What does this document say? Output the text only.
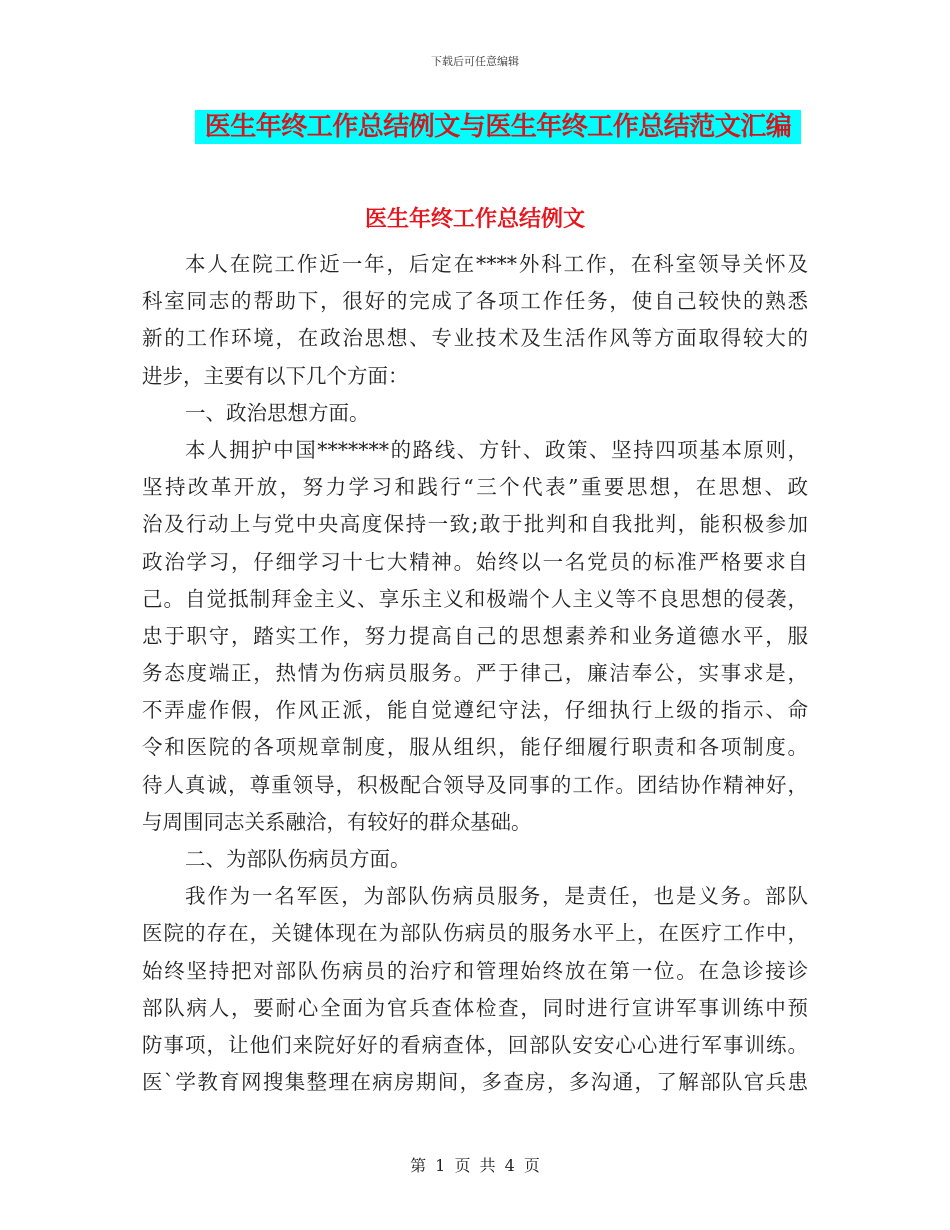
下载后可任意编辑
医生年终工作总结例文与医生年终工作总结范文汇编
医生年终工作总结例文
本人在院工作近一年，后定在****外科工作，在科室领导关怀及
科室同志的帮助下，很好的完成了各项工作任务，使自己较快的熟悉
新的工作环境，在政治思想、专业技术及生活作风等方面取得较大的
进步，主要有以下几个方面：
一、政治思想方面。
本人拥护中国*******的路线、方针、政策、坚持四项基本原则，
坚持改革开放，努力学习和践行“三个代表”重要思想，在思想、政
治及行动上与党中央高度保持一致;敢于批判和自我批判，能积极参加
政治学习，仔细学习十七大精神。始终以一名党员的标准严格要求自
己。自觉抵制拜金主义、享乐主义和极端个人主义等不良思想的侵袭，
忠于职守，踏实工作，努力提高自己的思想素养和业务道德水平，服
务态度端正，热情为伤病员服务。严于律己，廉洁奉公，实事求是，
不弄虚作假，作风正派，能自觉遵纪守法，仔细执行上级的指示、命
令和医院的各项规章制度，服从组织，能仔细履行职责和各项制度。
待人真诚，尊重领导，积极配合领导及同事的工作。团结协作精神好，
与周围同志关系融洽，有较好的群众基础。
二、为部队伤病员方面。
我作为一名军医，为部队伤病员服务，是责任，也是义务。部队
医院的存在，关键体现在为部队伤病员的服务水平上，在医疗工作中，
始终坚持把对部队伤病员的治疗和管理始终放在第一位。在急诊接诊
部队病人，要耐心全面为官兵查体检查，同时进行宣讲军事训练中预
防事项，让他们来院好好的看病查体，回部队安安心心进行军事训练。
医`学教育网搜集整理在病房期间，多查房，多沟通，了解部队官兵患
第 1 页 共 4 页
